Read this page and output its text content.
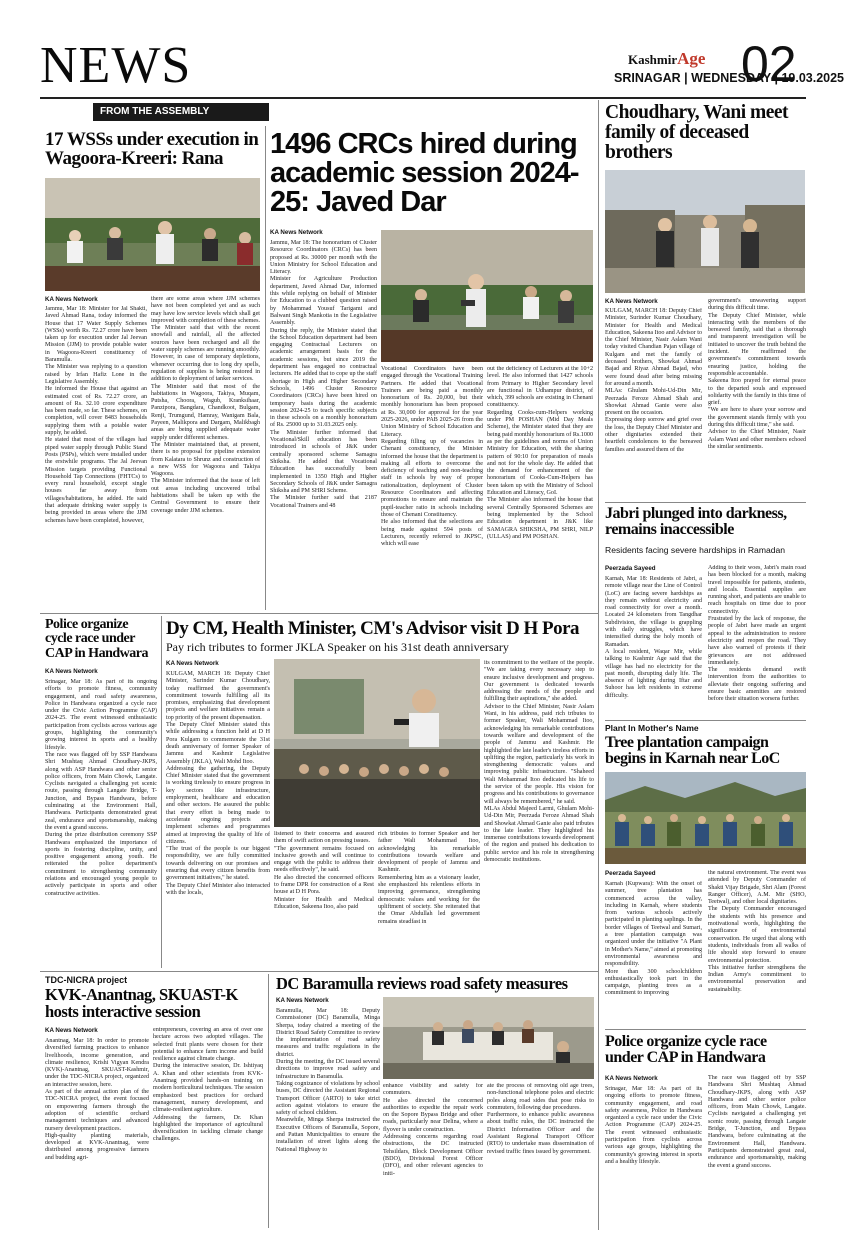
NEWS	KashmirAge
SRINAGAR | WEDNESDAY | 19.03.2025
02
FROM THE ASSEMBLY
17 WSSs under execution in Wagoora-Kreeri: Rana
KA News Network
Jammu, Mar 18: Minister for Jal Shakti, Javed Ahmad Rana, today informed the House that 17 Water Supply Schemes (WSSs) worth Rs. 72.27 crore have been taken up for execution under Jal Jeevan Mission (JJM) to provide potable water in Wagoora-Kreeri constituency of Baramulla.
The Minister was replying to a question raised by Irfan Hafiz Lone in the Legislative Assembly.
He informed the House that against an estimated cost of Rs. 72.27 crore, an amount of Rs. 32.10 crore expenditure has been made, so far. These schemes, on completion, will cover 8483 households supplying them with a potable water supply, he added.
He stated that most of the villages had piped water supply through Public Stand Posts (PSPs), which were installed under the erstwhile programs. The Jal Jeevan Mission targets providing Functional Household Tap Connections (FHTCs) to every rural household, except single houses far away from villages/habitations, he added. He said that adequate drinking water supply is being provided in areas where the JJM schemes have been completed, however,
there are some areas where JJM schemes have not been completed yet and as such may have low service levels which shall get improved with completion of these schemes.
The Minister said that with the recent snowfall and rainfall, all the affected sources have been recharged and all the water supply schemes are running smoothly. However, in case of temporary depletions, whenever occurring due to long dry spells, regulation of supplies is being restored in addition to deployment of tanker services.
The Minister said that most of the habitations in Wagoora, Takiya, Muqam, Putsha, Choora, Wagub, Kranksihaar, Panzipora, Bangdara, Chandkoot, Bulgam, Renji, Trumgund, Hamray, Wanigam Bala, Payeen, Malikpora and Dargam, Malikbagh areas are being supplied adequate water supply under different schemes.
The Minister maintained that, at present, there is no proposal for pipeline extension from Kalatara to Shrunz and construction of a new WSS for Wagoora and Takiya Wagoora.
The Minister informed that the issue of left out areas including uncovered tribal habitations shall be taken up with the Central Government to ensure their coverage under JJM schemes.
1496 CRCs hired during academic session 2024-25: Javed Dar
KA News Network
Jammu, Mar 18: The honorarium of Cluster Resource Coordinators (CRCs) has been proposed at Rs. 30000 per month with the Union Ministry for School Education and Literacy.
Minister for Agriculture Production department, Javed Ahmad Dar, informed this while replying on behalf of Minister for Education to a clubbed question raised by Mohammad Yousuf Tarigami and Balwant Singh Mankotia in the Legislative Assembly.
During the reply, the Minister stated that the School Education department had been engaging Contractual Lecturers on academic arrangement basis for the academic sessions, but since 2019 the department has engaged no contractual lecturers. He added that to cope up the staff shortage in High and Higher Secondary Schools, 1496 Cluster Resource Coordinators (CRCs) have been hired on temporary basis during the academic session 2024-25 to teach specific subjects in these schools on a monthly honorarium of Rs. 25000 up to 31.03.2025 only.
The Minister further informed that Vocational/Skill education has been introduced in schools of J&K under centrally sponsored scheme Samagra Shiksha. He added that Vocational Education has successfully been implemented in 1350 High and Higher Secondary Schools of J&K under Samagra Shiksha and PM SHRI Scheme.
The Minister further said that 2187 Vocational Trainers and 48
Vocational Coordinators have been engaged through the Vocational Training Partners. He added that Vocational Trainers are being paid a monthly honorarium of Rs. 20,000, but their monthly honorarium has been proposed at Rs. 30,000 for approval for the year 2025-2026, under PAB 2025-26 from the Union Ministry of School Education and Literacy.
Regarding filling up of vacancies in Chenani constituency, the Minister informed the house that the department is making all efforts to overcome the deficiency of teaching and non-teaching staff in schools by way of proper rationalization, deployment of Cluster Resource Coordinators and affecting promotions to ensure and maintain the pupil-teacher ratio in schools including those of Chenani Constituency.
He also informed that the selections are being made against 594 posts of Lecturers, recently referred to JKPSC, which will ease
out the deficiency of Lecturers at the 10+2 level. He also informed that 1427 schools from Primary to Higher Secondary level are functional in Udhampur district, of which, 399 schools are existing in Chenani constituency.
Regarding Cooks-cum-Helpers working under PM POSHAN (Mid Day Meals Scheme), the Minister stated that they are being paid monthly honorarium of Rs.1000 as per the guidelines and norms of Union Ministry for Education, with the sharing pattern of 90:10 for preparation of meals and not for the whole day. He added that the demand for enhancement of the honorarium of Cooks-Cum-Helpers has been taken up with the Ministry of School Education and Literacy, GoI.
The Minister also informed the house that several Centrally Sponsored Schemes are being implemented by the School Education department in J&K like SAMAGRA SHIKSHA, PM SHRI, NILP (ULLAS) and PM POSHAN.
Choudhary, Wani meet family of deceased brothers
KA News Network
KULGAM, MARCH 18: Deputy Chief Minister, Surinder Kumar Choudhary, Minister for Health and Medical Education, Sakeena Itoo and Advisor to the Chief Minister, Nasir Aslam Wani today visited Chandian Pajan village of Kulgam and met the family of deceased brothers, Showkat Ahmad Bajad and Riyaz Ahmad Bajad, who were found dead after being missing for around a month.
MLAs: Ghulam Mohi-Ud-Din Mir, Peerzada Feroze Ahmad Shah and Showkat Ahmad Ganie were also present on the occasion.
Expressing deep sorrow and grief over the loss, the Deputy Chief Minister and other dignitaries extended their heartfelt condolences to the bereaved families and assured them of the
government's unwavering support during this difficult time.
The Deputy Chief Minister, while interacting with the members of the bereaved family, said that a thorough and transparent investigation will be initiated to uncover the truth behind the incident. He reaffirmed the government's commitment towards ensuring justice, holding the responsible accountable.
Sakeena Itoo prayed for eternal peace to the departed souls and expressed solidarity with the family in this time of grief.
"We are here to share your sorrow and the government stands firmly with you during this difficult time," she said.
Advisor to the Chief Minister, Nasir Aslam Wani and other members echoed the similar sentiments.
Jabri plunged into darkness, remains inaccessible
Residents facing severe hardships in Ramadan
Peerzada Sayeed
Karnah, Mar 18: Residents of Jabri, a remote village near the Line of Control (LoC) are facing severe hardships as they remain without electricity and road connectivity for over a month. Located 24 kilometers from Tangdhar Subdivision, the village is grappling with daily struggles, which have intensified during the holy month of Ramadan.
A local resident, Waqar Mir, while talking to Kashmir Age said that the village has had no electricity for the past month, disrupting daily life. The absence of lighting during Iftar and Suhoor has left residents in extreme difficulty.
Adding to their woes, Jabri's main road has been blocked for a month, making travel impossible for patients, students, and locals. Essential supplies are running short, and patients are unable to reach hospitals on time due to poor connectivity.
Frustrated by the lack of response, the people of Jabri have made an urgent appeal to the administration to restore electricity and reopen the road. They have also warned of protests if their grievances are not addressed immediately.
The residents demand swift intervention from the authorities to alleviate their ongoing suffering and ensure basic amenities are restored before their situation worsens further.
Plant In Mother's Name
Tree plantation campaign begins in Karnah near LoC
Peerzada Sayeed
Karnah (Kupwara): With the onset of summer, tree plantation has commenced across the valley, including in Karnah, where students from various schools actively participated in planting saplings. In the border villages of Teetwal and Sumari, a tree plantation campaign was organized under the initiative "A Plant in Mother's Name," aimed at promoting environmental awareness and responsibility.
More than 300 schoolchildren enthusiastically took part in the campaign, planting trees as a commitment to improving
the natural environment. The event was attended by Deputy Commander of Shakti Vijay Brigade, Shri Alam (Forest Ranger Officer), A.M. Mir (SHO, Teetwal), and other local dignitaries.
The Deputy Commander encouraged the students with his presence and motivational words, highlighting the significance of environmental conservation. He urged that along with students, individuals from all walks of life should step forward to ensure environmental protection.
This initiative further strengthens the Indian Army's commitment to environmental preservation and sustainability.
Police organize cycle race under CAP in Handwara
KA News Network
Srinagar, Mar 18: As part of its ongoing efforts to promote fitness, community engagement, and road safety awareness, Police in Handwara organized a cycle race under the Civic Action Programme (CAP) 2024-25. The event witnessed enthusiastic participation from cyclists across various age groups, highlighting the community's growing interest in sports and a healthy lifestyle.
The race was flagged off by SSP Handwara Shri Mushtaq Ahmad Choudhary-JKPS, along with ASP Handwara and other senior police officers, from Main Chowk, Langate. Cyclists navigated a challenging yet scenic route, passing through Langate Bridge, T-Junction, and Bypass Handwara, before culminating at the Environment Hall, Handwara. Participants demonstrated great zeal, endurance and sportsmanship, making the event a grand success.
Police organize cycle race under CAP in Handwara
KA News Network
Srinagar, Mar 18: As part of its ongoing efforts to promote fitness, community engagement, and road safety awareness, Police in Handwara organized a cycle race under the Civic Action Programme (CAP) 2024-25. The event witnessed enthusiastic participation from cyclists across various age groups, highlighting the community's growing interest in sports and a healthy lifestyle.
The race was flagged off by SSP Handwara Shri Mushtaq Ahmad Choudhary-JKPS, along with ASP Handwara and other senior police officers, from Main Chowk, Langate. Cyclists navigated a challenging yet scenic route, passing through Langate Bridge, T-Junction, and Bypass Handwara, before culminating at the Environment Hall, Handwara. Participants demonstrated great zeal, endurance and sportsmanship, making the event a grand success.
During the prize distribution ceremony SSP Handwara emphasized the importance of sports in fostering discipline, unity, and positive engagement among youth. He reiterated the police department's commitment to strengthening community relations and encouraged young people to actively participate in sports and other constructive activities.
Dy CM, Health Minister, CM's Advisor visit D H Pora
Pay rich tributes to former JKLA Speaker on his 31st death anniversary
KA News Network
KULGAM, MARCH 18: Deputy Chief Minister, Surinder Kumar Choudhary, today reaffirmed the government's commitment towards fulfilling all its promises, emphasizing that development projects and welfare initiatives remain a top priority of the present dispensation.
The Deputy Chief Minister stated this while addressing a function held at D H Pora Kulgam to commemorate the 31st death anniversary of former Speaker of Jammu and Kashmir Legislative Assembly (JKLA), Wali Mohd Itoo.
Addressing the gathering, the Deputy Chief Minister stated that the government is working tirelessly to ensure progress in key sectors like infrastructure, employment, healthcare and education and other sectors. He assured the public that every effort is being made to accelerate ongoing projects and implement schemes and programmes aimed at improving the quality of life of citizens.
"The trust of the people is our biggest responsibility, we are fully committed towards delivering on our promises and ensuring that every citizen benefits from government initiatives," he stated.
The Deputy Chief Minister also interacted with the locals,
listened to their concerns and assured them of swift action on pressing issues.
"The government remains focused on inclusive growth and will continue to engage with the public to address their needs effectively", he said.
He also directed the concerned officers to frame DPR for construction of a Rest house at D H Pora.
Minister for Health and Medical Education, Sakeena Itoo, also paid
rich tributes to former Speaker and her father Wali Mohammad Itoo, acknowledging his remarkable contributions towards welfare and development of people of Jammu and Kashmir.
Remembering him as a visionary leader, she emphasized his relentless efforts in improving governance, strengthening democratic values and working for the upliftment of society. She reiterated that the Omar Abdullah led government remains steadfast in
its commitment to the welfare of the people. "We are taking every necessary step to ensure inclusive development and progress. Our government is dedicated towards addressing the needs of the people and fulfilling their aspirations," she added.
Advisor to the Chief Minister, Nasir Aslam Wani, in his address, paid rich tributes to former Speaker, Wali Mohammad Itoo, acknowledging his remarkable contributions towards welfare and development of the people of Jammu and Kashmir. He highlighted the late leader's tireless efforts in uplifting the region, particularly his work in strengthening democratic values and improving public infrastructure. "Shaheed Wali Mohammad Itoo dedicated his life to the service of the people. His vision for progress and his contributions to governance will always be remembered," he said.
MLAs Abdul Majeed Larmi, Ghulam Mohi-Ud-Din Mir, Peerzada Feroze Ahmad Shah and Showkat Ahmad Ganie also paid tributes to the late leader. They highlighted his immense contributions towards development of the region and praised his dedication to public service and his role in strengthening democratic institutions.
TDC-NICRA project
KVK-Anantnag, SKUAST-K hosts interactive session
KA News Network
Anantnag, Mar 18: In order to promote diversified farming practices to enhance livelihoods, income generation, and climate resilience, Krishi Vigyan Kendra (KVK)-Anantnag, SKUAST-Kashmir, under the TDC-NICRA project, organized an interactive session, here.
As part of the annual action plan of the TDC-NICRA project, the event focused on empowering farmers through the adoption of scientific orchard management techniques and advanced nursery development practices.
High-quality planting materials, developed at KVK-Anantnag, were distributed among progressive farmers and budding agri-
entrepreneurs, covering an area of over one hectare across two adopted villages. The selected fruit plants were chosen for their potential to enhance farm income and build resilience against climate change.
During the interactive session, Dr. Ishtiyaq A. Khan and other scientists from KVK-Anantnag provided hands-on training on modern horticultural techniques. The session emphasized best practices for orchard management, nursery development, and climate-resilient agriculture.
Addressing the farmers, Dr. Khan highlighted the importance of agricultural diversification in tackling climate change challenges.
DC Baramulla reviews road safety measures
KA News Network
Baramulla, Mar 18: Deputy Commissioner (DC) Baramulla, Minga Sherpa, today chaired a meeting of the District Road Safety Committee to review the implementation of road safety measures and traffic regulations in the district.
During the meeting, the DC issued several directions to improve road safety and infrastructure in Baramulla.
Taking cognizance of violations by school buses, DC directed the Assistant Regional Transport Officer (ARTO) to take strict action against violators to ensure the safety of school children.
Meanwhile, Minga Sherpa instructed the Executive Officers of Baramulla, Sopore, and Pattan Municipalities to ensure the installation of street lights along the National Highway to
enhance visibility and safety for commuters.
He also directed the concerned authorities to expedite the repair work on the Sopore Bypass Bridge and other roads, particularly near Delina, where a flyover is under construction.
Addressing concerns regarding road obstructions, the DC instructed Tehsildars, Block Development Officer (BDO), Divisional Forest Officer (DFO), and other relevant agencies to initi-
ate the process of removing old age trees, non-functional telephone poles and electric poles along road sides that pose risks to commuters, following due procedures.
Furthermore, to enhance public awareness about traffic rules, the DC instructed the District Information Officer and the Assistant Regional Transport Officer (RTO) to undertake mass dissemination of revised traffic fines issued by government.
